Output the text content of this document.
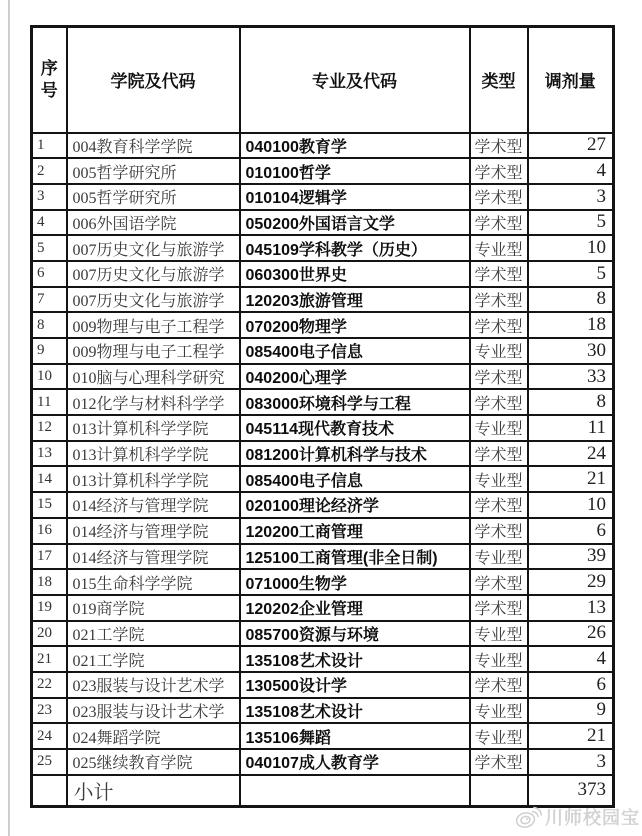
序号	学院及代码	专业及代码	类型	调剂量
1	004教育科学学院	040100教育学	学术型	27
2	005哲学研究所	010100哲学	学术型	4
3	005哲学研究所	010104逻辑学	学术型	3
4	006外国语学院	050200外国语言文学	学术型	5
5	007历史文化与旅游学	045109学科教学（历史）	专业型	10
6	007历史文化与旅游学	060300世界史	学术型	5
7	007历史文化与旅游学	120203旅游管理	学术型	8
8	009物理与电子工程学	070200物理学	学术型	18
9	009物理与电子工程学	085400电子信息	专业型	30
10	010脑与心理科学研究	040200心理学	学术型	33
11	012化学与材料科学学	083000环境科学与工程	学术型	8
12	013计算机科学学院	045114现代教育技术	专业型	11
13	013计算机科学学院	081200计算机科学与技术	学术型	24
14	013计算机科学学院	085400电子信息	专业型	21
15	014经济与管理学院	020100理论经济学	学术型	10
16	014经济与管理学院	120200工商管理	学术型	6
17	014经济与管理学院	125100工商管理(非全日制)	专业型	39
18	015生命科学学院	071000生物学	学术型	29
19	019商学院	120202企业管理	学术型	13
20	021工学院	085700资源与环境	专业型	26
21	021工学院	135108艺术设计	专业型	4
22	023服装与设计艺术学	130500设计学	学术型	6
23	023服装与设计艺术学	135108艺术设计	专业型	9
24	024舞蹈学院	135106舞蹈	专业型	21
25	025继续教育学院	040107成人教育学	学术型	3
	小计			373
川师校园宝
